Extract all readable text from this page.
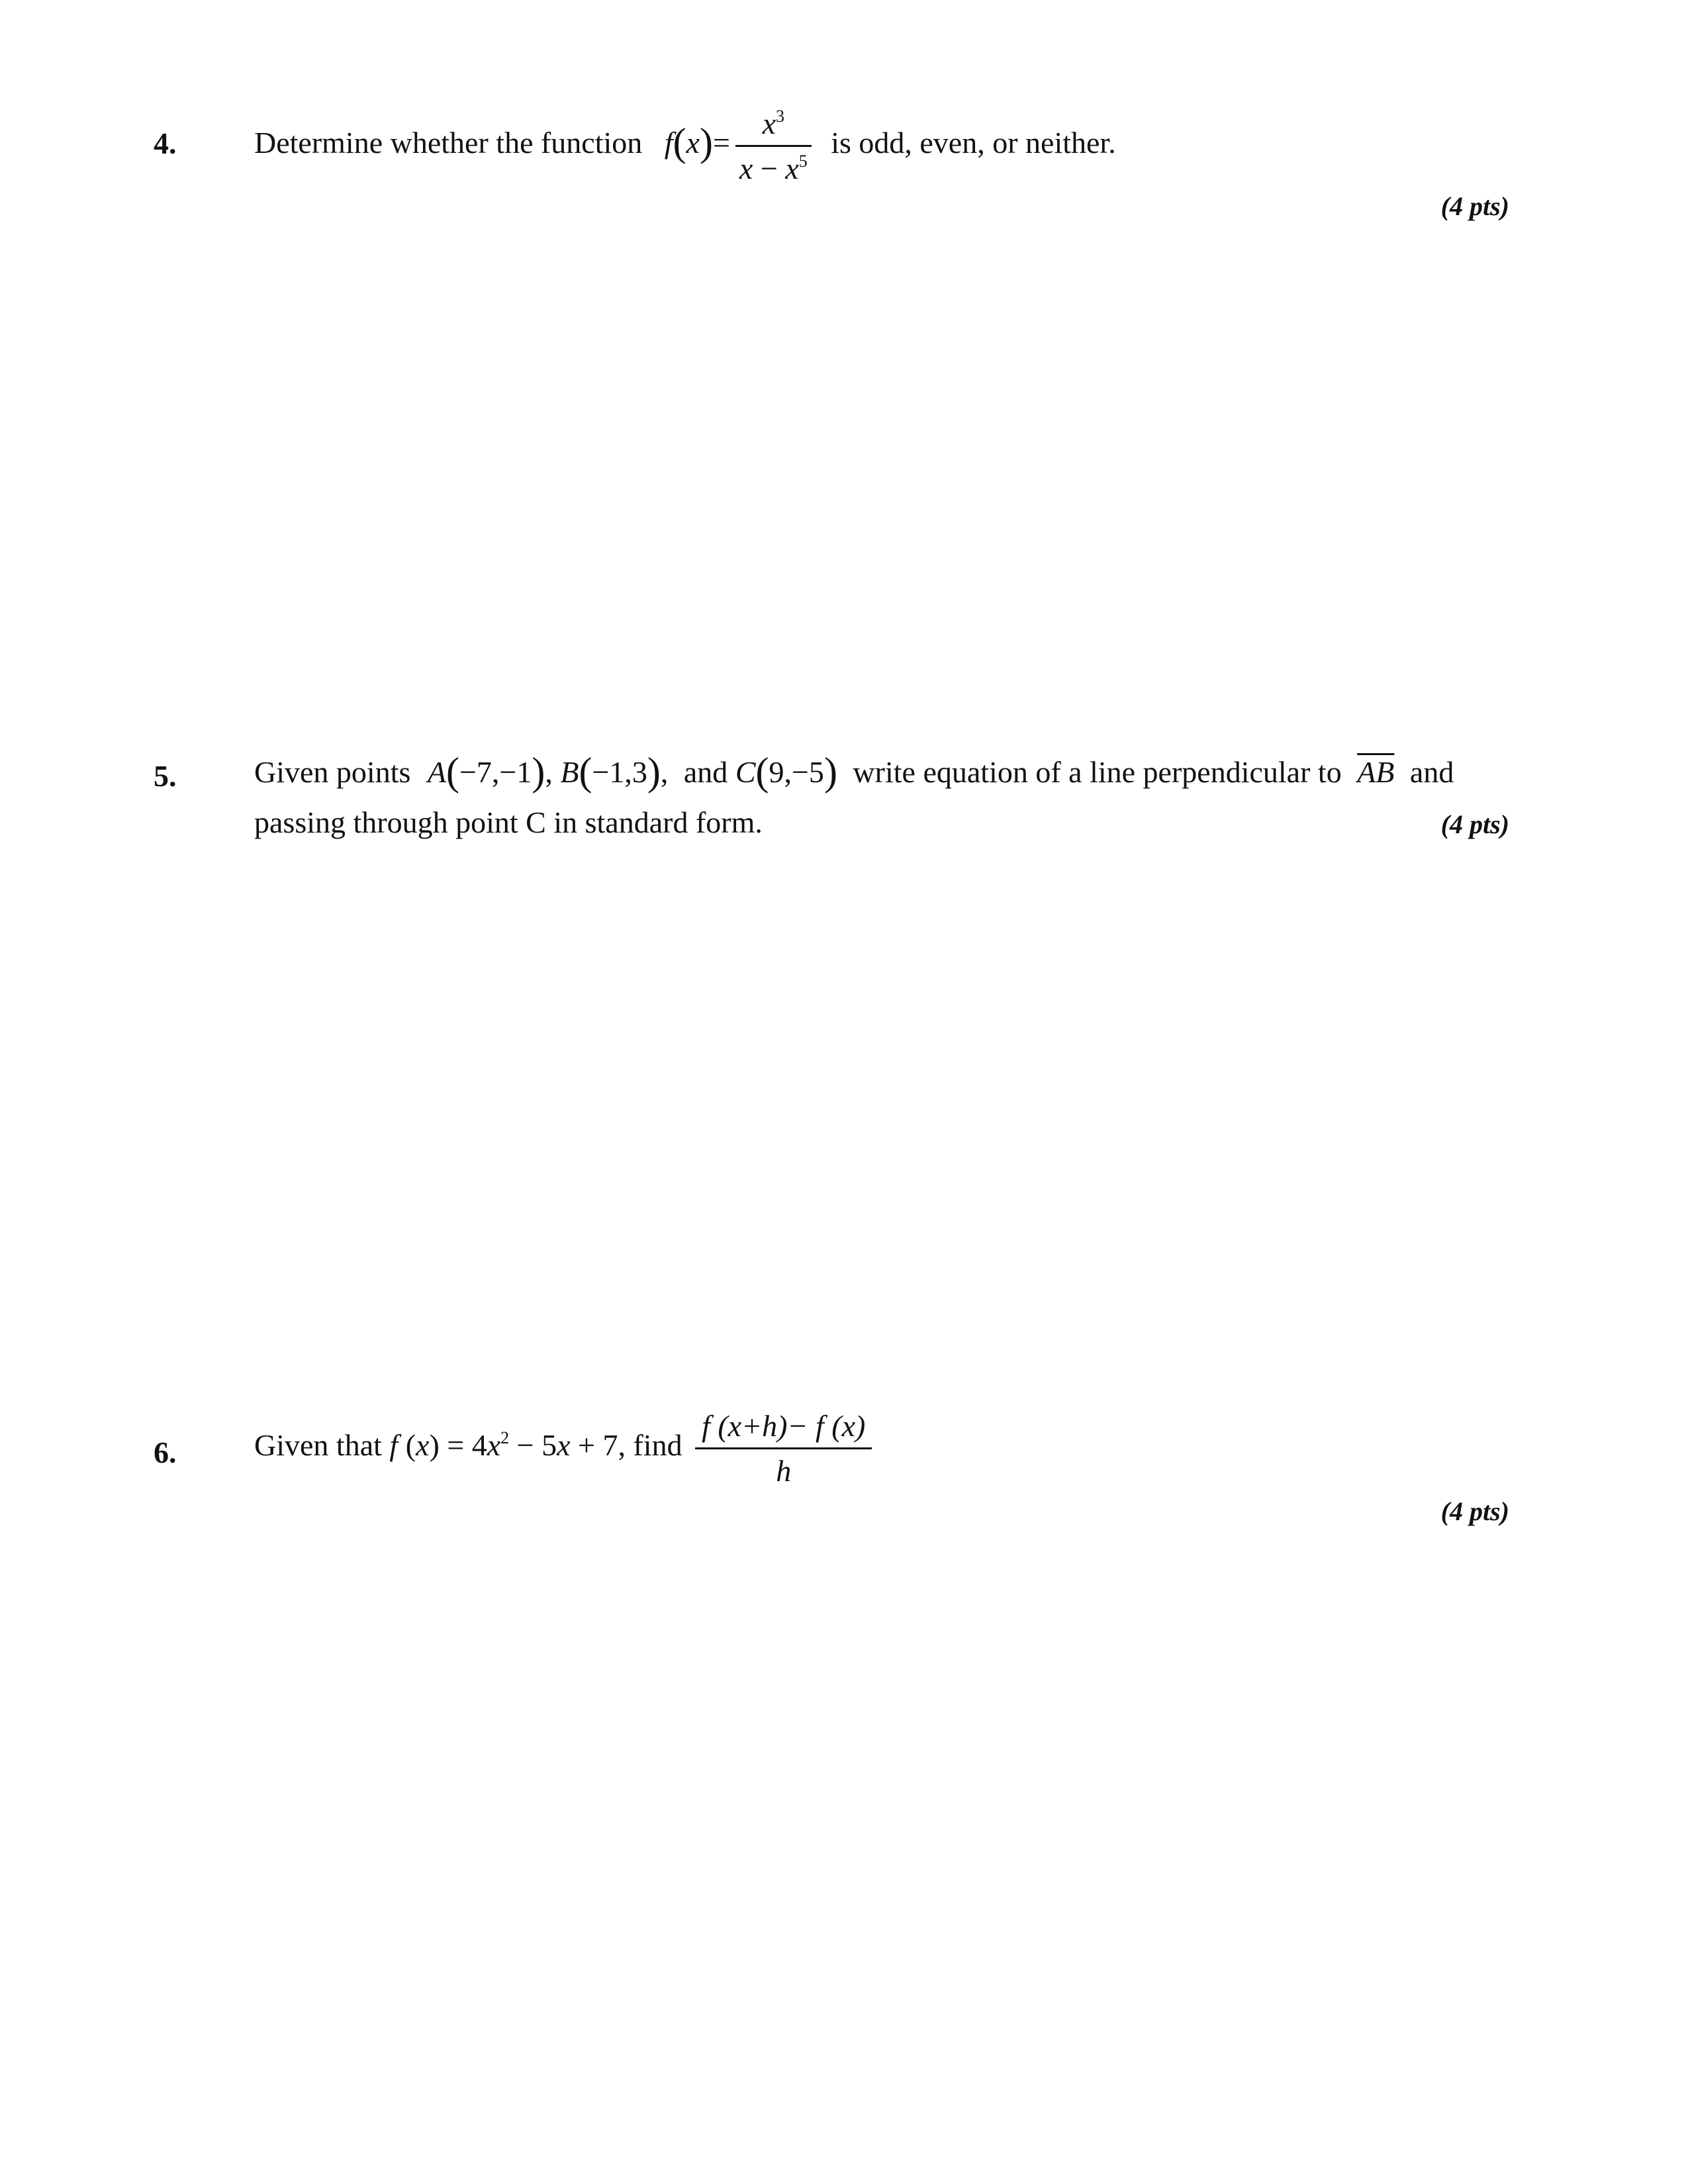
4.	Determine whether the function $f(x)= \frac{x^3}{x - x^5}$ is odd, even, or neither.
(4 pts)
5.	Given points A(−7,−1), B(−1,3), and C(9,−5) write equation of a line perpendicular to $\overline{AB}$ and
passing through point C in standard form.	(4 pts)
6.	Given that f $(x) = 4x^2 - 5x + 7$, find $\frac{f (x+h)- f (x)}{h}$
(4 pts)
